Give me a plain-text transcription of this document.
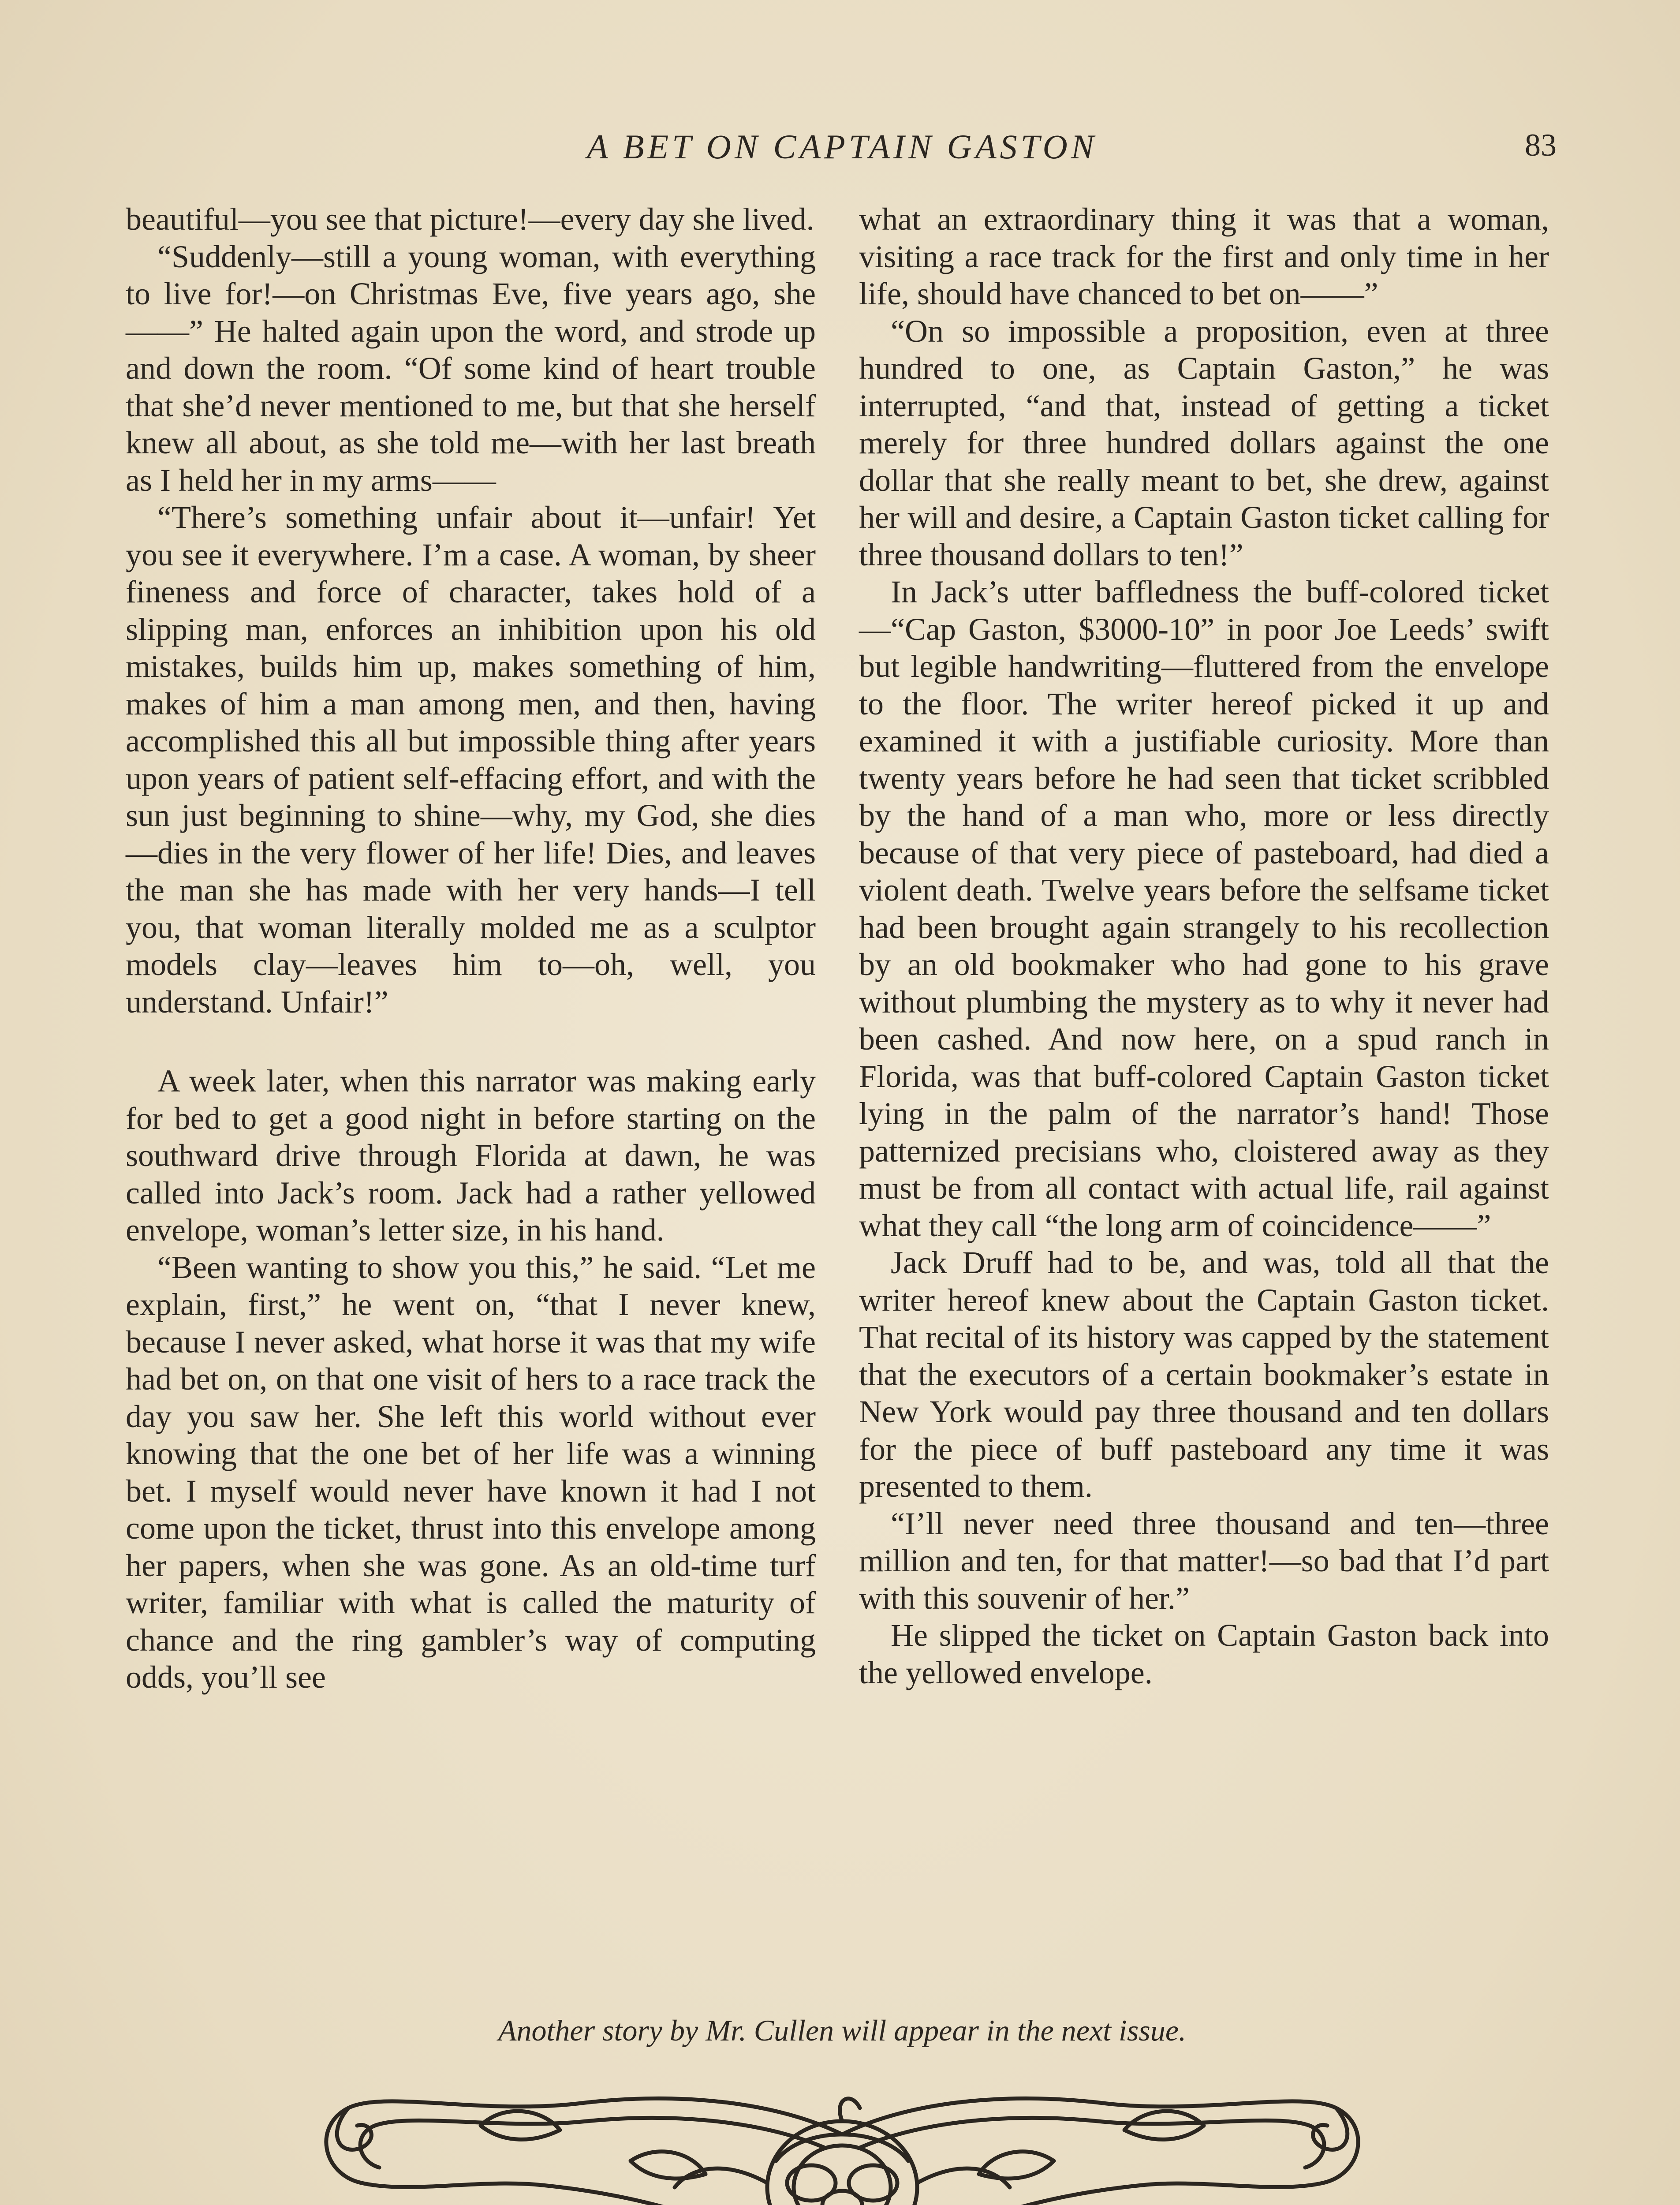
A BET ON CAPTAIN GASTON	83

beautiful—you see that picture!—every day she lived.

“Suddenly—still a young woman, with everything to live for!—on Christmas Eve, five years ago, she——” He halted again upon the word, and strode up and down the room. “Of some kind of heart trouble that she’d never mentioned to me, but that she herself knew all about, as she told me—with her last breath as I held her in my arms——

“There’s something unfair about it—unfair! Yet you see it everywhere. I’m a case. A woman, by sheer fineness and force of character, takes hold of a slipping man, enforces an inhibition upon his old mistakes, builds him up, makes something of him, makes of him a man among men, and then, having accomplished this all but impossible thing after years upon years of patient self-effacing effort, and with the sun just beginning to shine—why, my God, she dies—dies in the very flower of her life! Dies, and leaves the man she has made with her very hands—I tell you, that woman literally molded me as a sculptor models clay—leaves him to—oh, well, you understand. Unfair!”

A week later, when this narrator was making early for bed to get a good night in before starting on the southward drive through Florida at dawn, he was called into Jack’s room. Jack had a rather yellowed envelope, woman’s letter size, in his hand.

“Been wanting to show you this,” he said. “Let me explain, first,” he went on, “that I never knew, because I never asked, what horse it was that my wife had bet on, on that one visit of hers to a race track the day you saw her. She left this world without ever knowing that the one bet of her life was a winning bet. I myself would never have known it had I not come upon the ticket, thrust into this envelope among her papers, when she was gone. As an old-time turf writer, familiar with what is called the maturity of chance and the ring gambler’s way of computing odds, you’ll see

what an extraordinary thing it was that a woman, visiting a race track for the first and only time in her life, should have chanced to bet on——”

“On so impossible a proposition, even at three hundred to one, as Captain Gaston,” he was interrupted, “and that, instead of getting a ticket merely for three hundred dollars against the one dollar that she really meant to bet, she drew, against her will and desire, a Captain Gaston ticket calling for three thousand dollars to ten!”

In Jack’s utter baffledness the buff-colored ticket—“Cap Gaston, $3000-10” in poor Joe Leeds’ swift but legible handwriting—fluttered from the envelope to the floor. The writer hereof picked it up and examined it with a justifiable curiosity. More than twenty years before he had seen that ticket scribbled by the hand of a man who, more or less directly because of that very piece of pasteboard, had died a violent death. Twelve years before the selfsame ticket had been brought again strangely to his recollection by an old bookmaker who had gone to his grave without plumbing the mystery as to why it never had been cashed. And now here, on a spud ranch in Florida, was that buff-colored Captain Gaston ticket lying in the palm of the narrator’s hand! Those patternized precisians who, cloistered away as they must be from all contact with actual life, rail against what they call “the long arm of coincidence——”

Jack Druff had to be, and was, told all that the writer hereof knew about the Captain Gaston ticket. That recital of its history was capped by the statement that the executors of a certain bookmaker’s estate in New York would pay three thousand and ten dollars for the piece of buff pasteboard any time it was presented to them.

“I’ll never need three thousand and ten—three million and ten, for that matter!—so bad that I’d part with this souvenir of her.”

He slipped the ticket on Captain Gaston back into the yellowed envelope.

Another story by Mr. Cullen will appear in the next issue.
